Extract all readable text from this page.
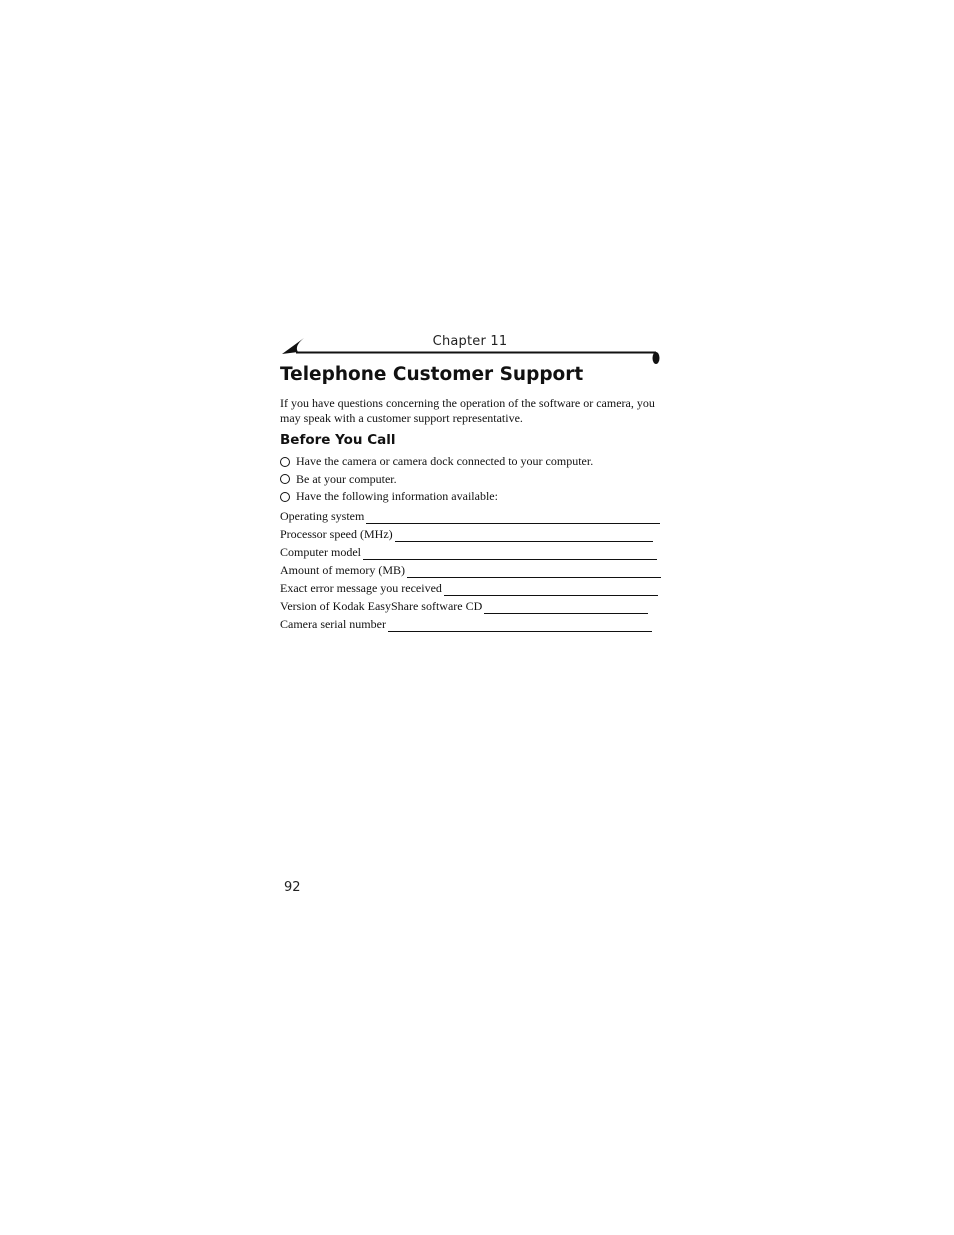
Chapter 11
Telephone Customer Support

If you have questions concerning the operation of the software or camera, you may speak with a customer support representative.

Before You Call
Have the camera or camera dock connected to your computer.
Be at your computer.
Have the following information available:
Operating system
Processor speed (MHz)
Computer model
Amount of memory (MB)
Exact error message you received
Version of Kodak EasyShare software CD
Camera serial number
92
